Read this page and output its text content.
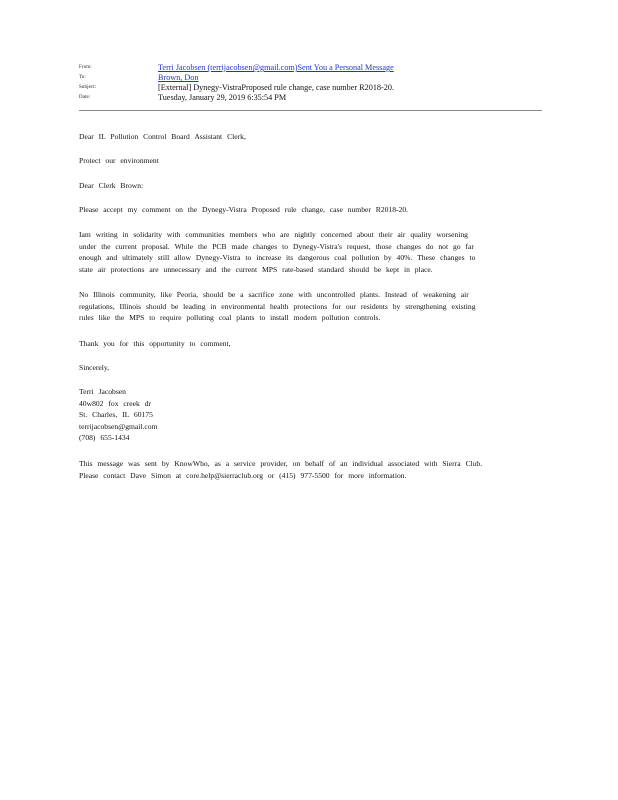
From:	Terri Jacobsen (terrijacobsen@gmail.com)Sent You a Personal Message
To:	Brown, Don
Subject:	[External] Dynegy-VistraProposed rule change, case number R2018-20.
Date:	Tuesday, January 29, 2019 6:35:54 PM
Dear IL Pollution Control Board Assistant Clerk,
Protect our environment
Dear Clerk Brown:
Please accept my comment on the Dynegy-Vistra Proposed rule change, case number R2018-20.

Iam writing in solidarity with communities members who are nightly concerned about their air quality worsening

under the current proposal. While the PCB made changes to Dynegy-Vistra's request, those changes do not go far

enough and ultimately still allow Dynegy-Vistra to increase its dangerous coal pollution by 40%. These changes to

state air protections are unnecessary and the current MPS rate-based standard should be kept in place.

No Illinois community, like Peoria, should be a sacrifice zone with uncontrolled plants. Instead of weakening air

regulations, Illinois should be leading in environmental health protections for our residents by strengthening existing

rules like the MPS to require polluting coal plants to install modern pollution controls.

Thank you for this opportunity to comment,
Sincerely,

Terri Jacobsen

40w802 fox creek dr

St. Charles, IL 60175

terrijacobsen@gmail.com

(708) 655-1434

This message was sent by KnowWho, as a service provider, on behalf of an individual associated with Sierra Club.

Please contact Dave Simon at core.help@sierraclub.org or (415) 977-5500 for more information.
